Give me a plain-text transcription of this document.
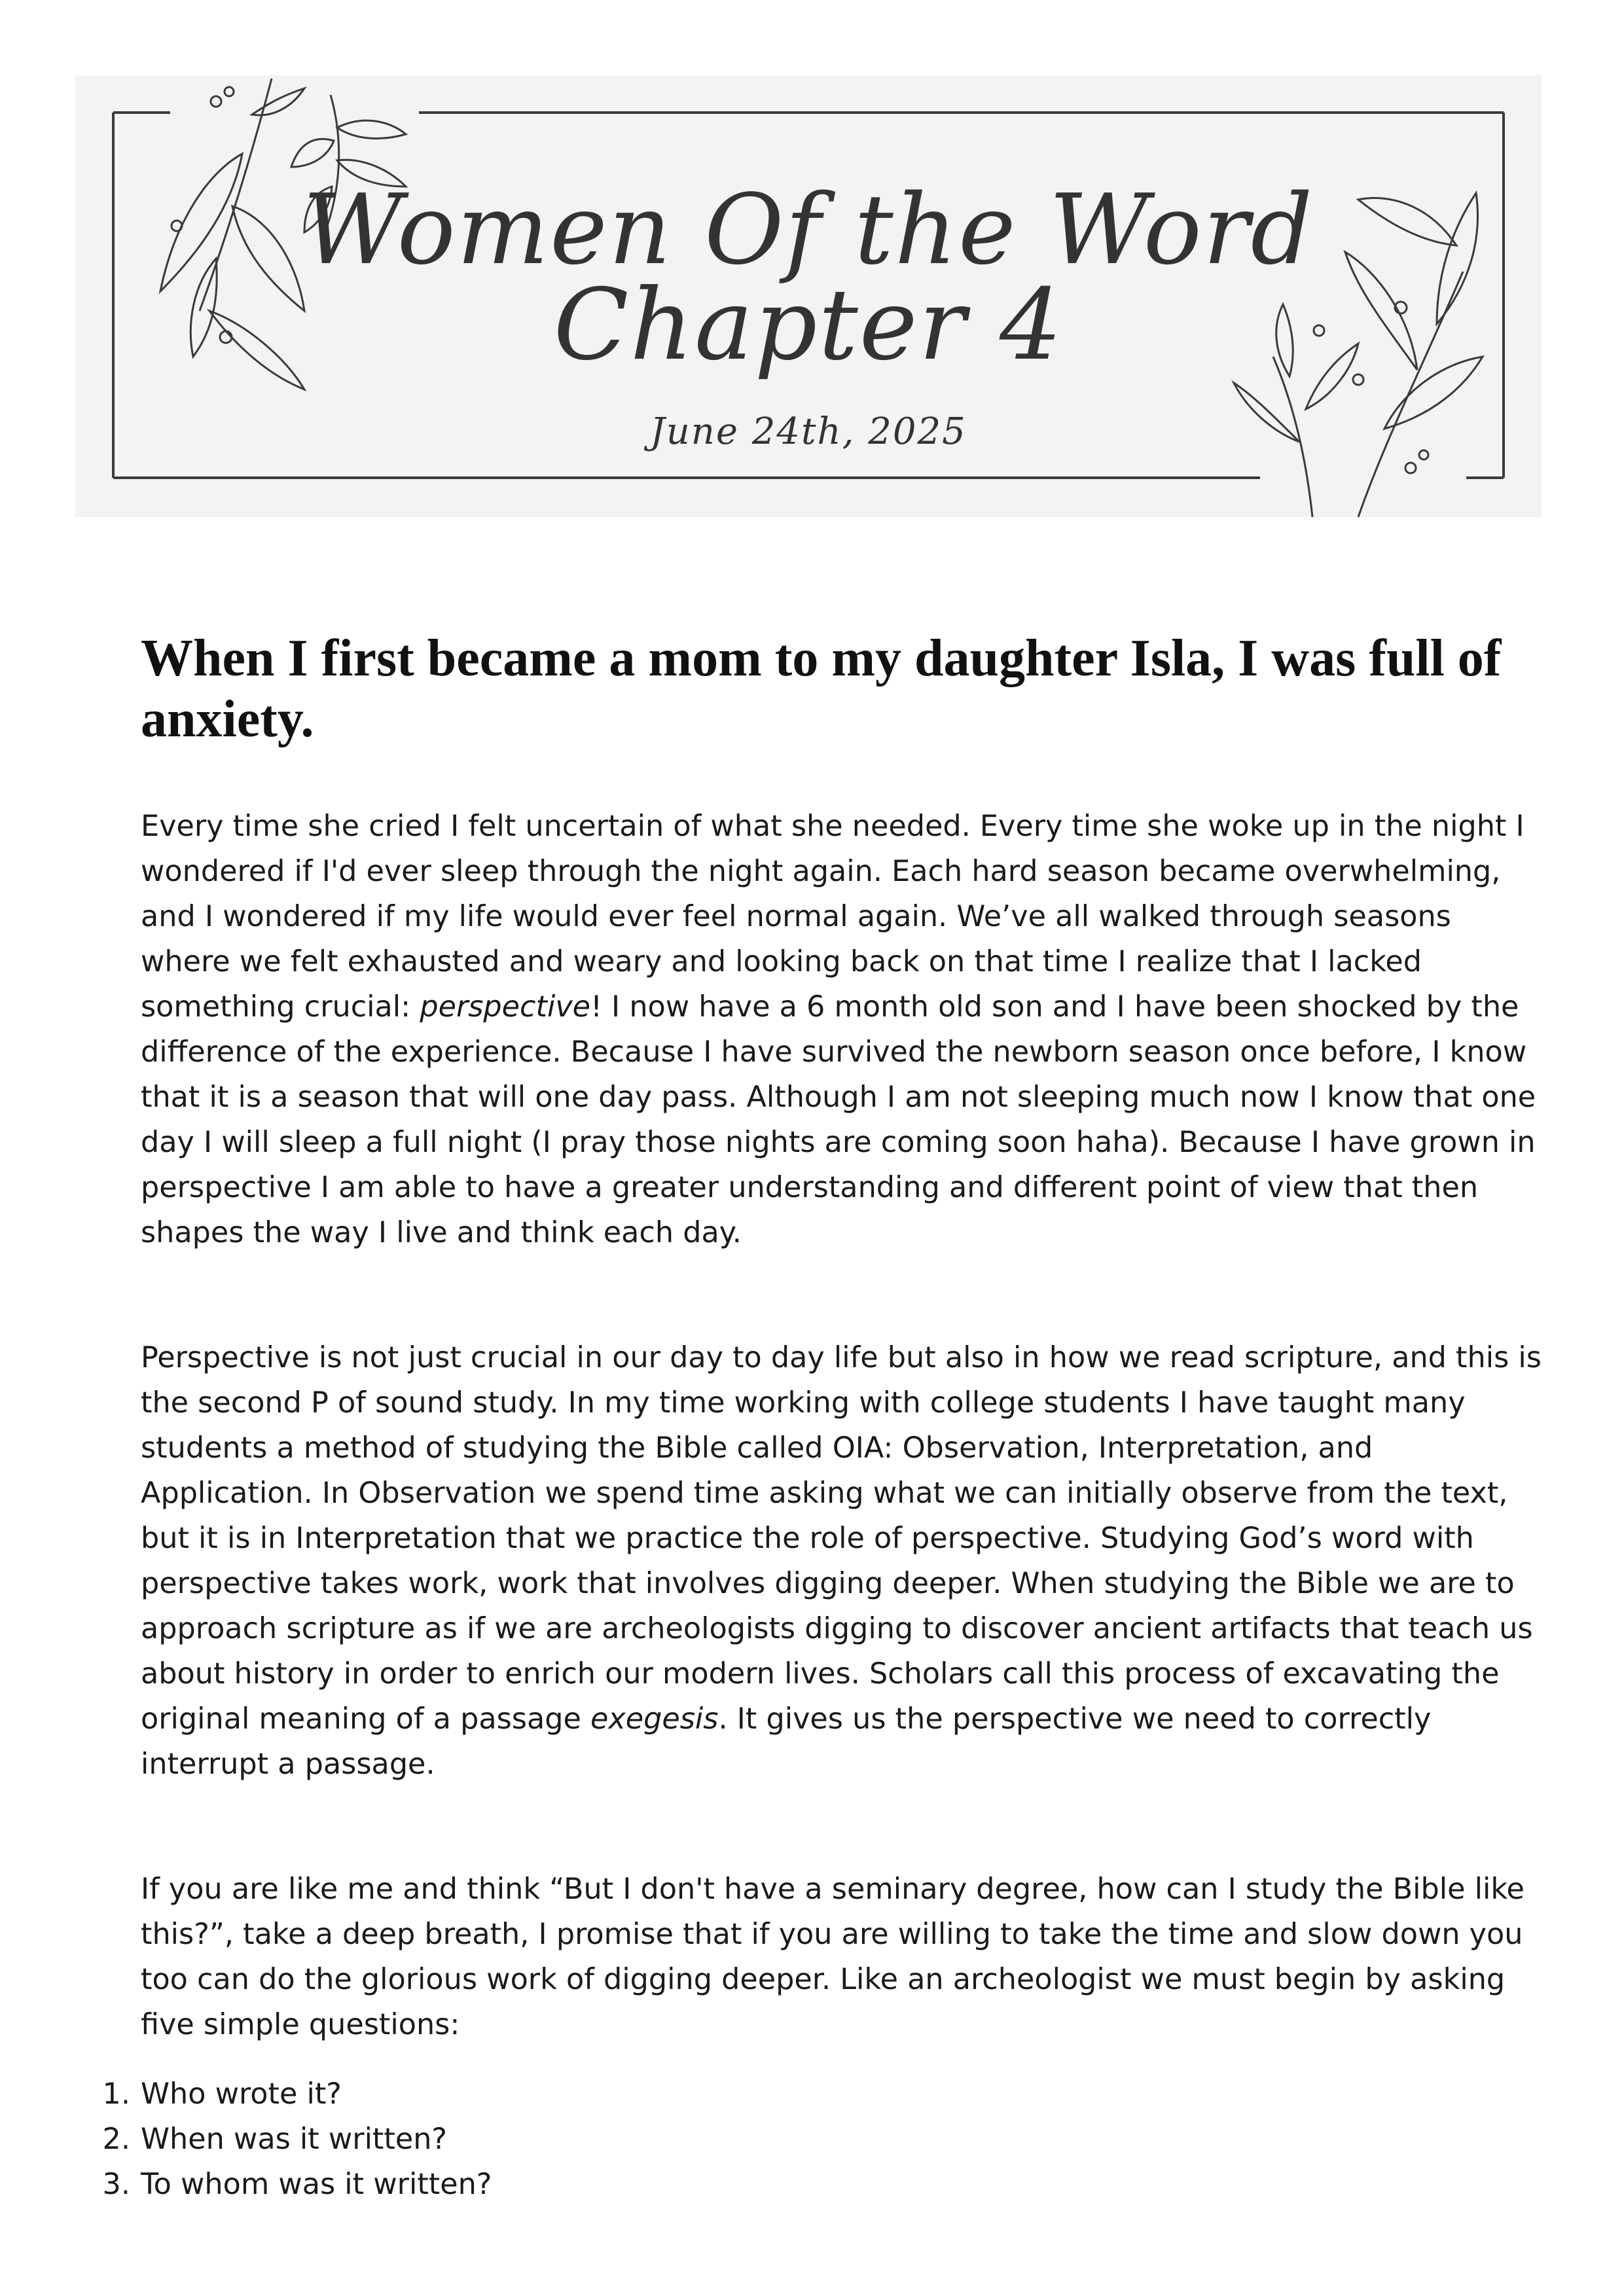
Women Of the Word
Chapter 4
June 24th, 2025
When I first became a mom to my daughter Isla, I was full of anxiety.

Every time she cried I felt uncertain of what she needed. Every time she woke up in the night I wondered if I'd ever sleep through the night again. Each hard season became overwhelming, and I wondered if my life would ever feel normal again. We’ve all walked through seasons where we felt exhausted and weary and looking back on that time I realize that I lacked something crucial: perspective! I now have a 6 month old son and I have been shocked by the difference of the experience. Because I have survived the newborn season once before, I know that it is a season that will one day pass. Although I am not sleeping much now I know that one day I will sleep a full night (I pray those nights are coming soon haha). Because I have grown in perspective I am able to have a greater understanding and different point of view that then shapes the way I live and think each day.

Perspective is not just crucial in our day to day life but also in how we read scripture, and this is the second P of sound study. In my time working with college students I have taught many students a method of studying the Bible called OIA: Observation, Interpretation, and Application. In Observation we spend time asking what we can initially observe from the text, but it is in Interpretation that we practice the role of perspective. Studying God’s word with perspective takes work, work that involves digging deeper. When studying the Bible we are to approach scripture as if we are archeologists digging to discover ancient artifacts that teach us about history in order to enrich our modern lives. Scholars call this process of excavating the original meaning of a passage exegesis. It gives us the perspective we need to correctly interrupt a passage.

If you are like me and think “But I don't have a seminary degree, how can I study the Bible like this?”, take a deep breath, I promise that if you are willing to take the time and slow down you too can do the glorious work of digging deeper. Like an archeologist we must begin by asking five simple questions:

1. Who wrote it?
2. When was it written?
3. To whom was it written?
